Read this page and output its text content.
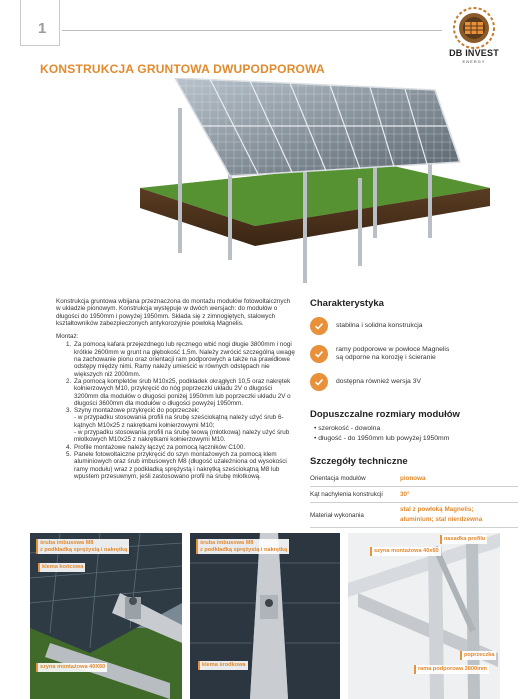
1
DB INVEST
ENERGY
KONSTRUKCJA GRUNTOWA DWUPODPOROWA

Konstrukcja gruntowa wbijana przeznaczona do montażu modułów fotowoltaicznych w układzie pionowym. Konstrukcja występuje w dwóch wersjach: do modułów o długości do 1950mm i powyżej 1950mm. Składa się z zimnogiętych, stalowych kształtowników zabezpieczonych antykorozyjnie powłoką Magnelis.

Montaż:
1. Za pomocą kafara przejezdnego lub ręcznego wbić nogi długie 3800mm i nogi krótkie 2600mm w grunt na głębokość 1,5m. Należy zwrócić szczególną uwagę na zachowanie pionu oraz orientacji ram podporowych a także na prawidłowe odstępy między nimi. Ramy należy umieścić w równych odstępach nie większych niż 2000mm.
2. Za pomocą kompletów śrub M10x25, podkładek okrągłych 10,5 oraz nakrętek kołnierzowych M10, przykręcić do nóg poprzeczki układu 2V o długości 3200mm dla modułów o długości poniżej 1950mm lub poprzeczki układu 2V o długości 3600mm dla modułów o długości powyżej 1950mm.
3. Szyny montażowe przykręcić do poprzeczek:
- w przypadku stosowania profili na śrubę sześciokątną należy użyć śrub 6-kątnych M10x25 z nakrętkami kołnierzowymi M10;
- w przypadku stosowania profili na śrubę teową (młotkową) należy użyć śrub młotkowych M10x25 z nakrętkami kołnierzowymi M10.
4. Profile montażowe należy łączyć za pomocą łączników C100.
5. Panele fotowoltaiczne przykręcić do szyn montażowych za pomocą klem aluminiowych oraz śrub imbusowych M8 (długość uzależniona od wysokości ramy modułu) wraz z podkładką sprężystą i nakrętką sześciokątną M8 lub wpustem przesuwnym, jeśli zastosowano profil na śrubę młotkową.
Charakterystyka
stabilna i solidna konstrukcja
ramy podporowe w powłoce Magnelis
są odporne na korozję i ścieranie
dostępna również wersja 3V
Dopuszczalne rozmiary modułów
• szerokość - dowolna
• długość - do 1950mm lub powyżej 1950mm
Szczegóły techniczne
Orientacja modułów	pionowa
Kąt nachylenia konstrukcji	30°
Materiał wykonania
stal z powłoką Magnelis;
aluminium; stal nierdzewna
śruba imbusowa M8
z podkładką sprężystą i nakrętką
klema końcowa
szyna montażowa 40X60
śruba imbusowa M8
z podkładką sprężystą i nakrętką
klema środkowa
szyna montażowa 40x60
nasadka profilu
poprzeczka
rama podporowa 3800mm
